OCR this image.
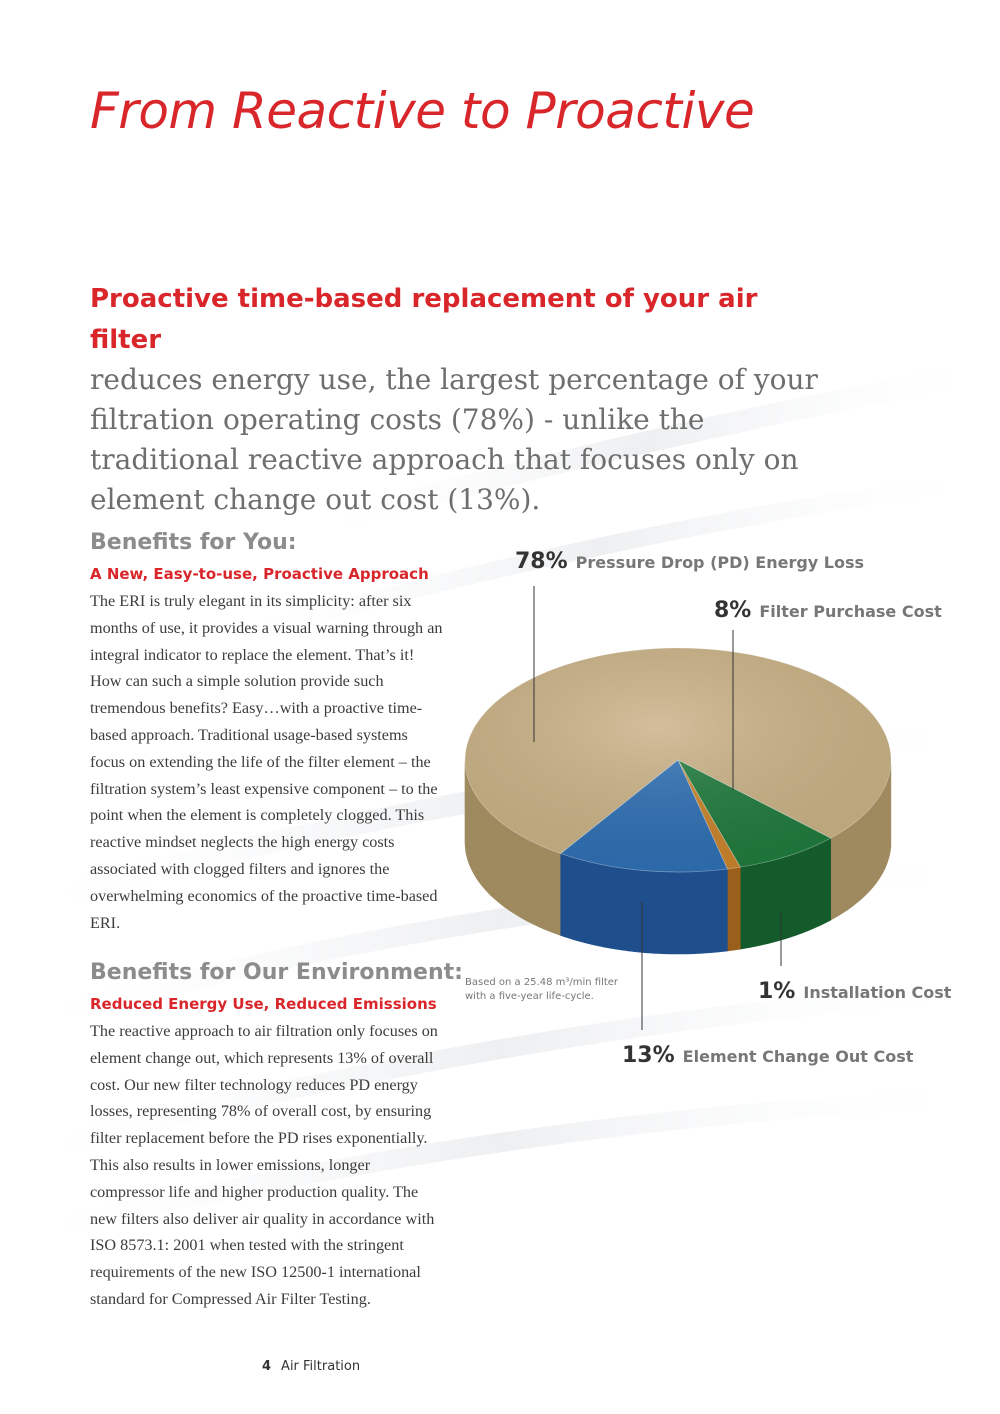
From Reactive to Proactive

Proactive time-based replacement of your air filter
reduces energy use, the largest percentage of your filtration operating costs (78%) - unlike the traditional reactive approach that focuses only on element change out cost (13%).

Benefits for You:
A New, Easy-to-use, Proactive Approach

The ERI is truly elegant in its simplicity: after six months of use, it provides a visual warning through an integral indicator to replace the element. That’s it! How can such a simple solution provide such tremendous benefits? Easy…with a proactive time-based approach. Traditional usage-based systems focus on extending the life of the filter element – the filtration system’s least expensive component – to the point when the element is completely clogged. This reactive mindset neglects the high energy costs associated with clogged filters and ignores the overwhelming economics of the proactive time-based ERI.

Benefits for Our Environment:
Reduced Energy Use, Reduced Emissions

The reactive approach to air filtration only focuses on element change out, which represents 13% of overall cost. Our new filter technology reduces PD energy losses, representing 78% of overall cost, by ensuring filter replacement before the PD rises exponentially. This also results in lower emissions, longer compressor life and higher production quality. The new filters also deliver air quality in accordance with ISO 8573.1: 2001 when tested with the stringent requirements of the new ISO 12500-1 international standard for Compressed Air Filter Testing.

78% Pressure Drop (PD) Energy Loss
8% Filter Purchase Cost
1% Installation Cost
13% Element Change Out Cost

Based on a 25.48 m³/min filter
with a five-year life-cycle.

4 Air Filtration
